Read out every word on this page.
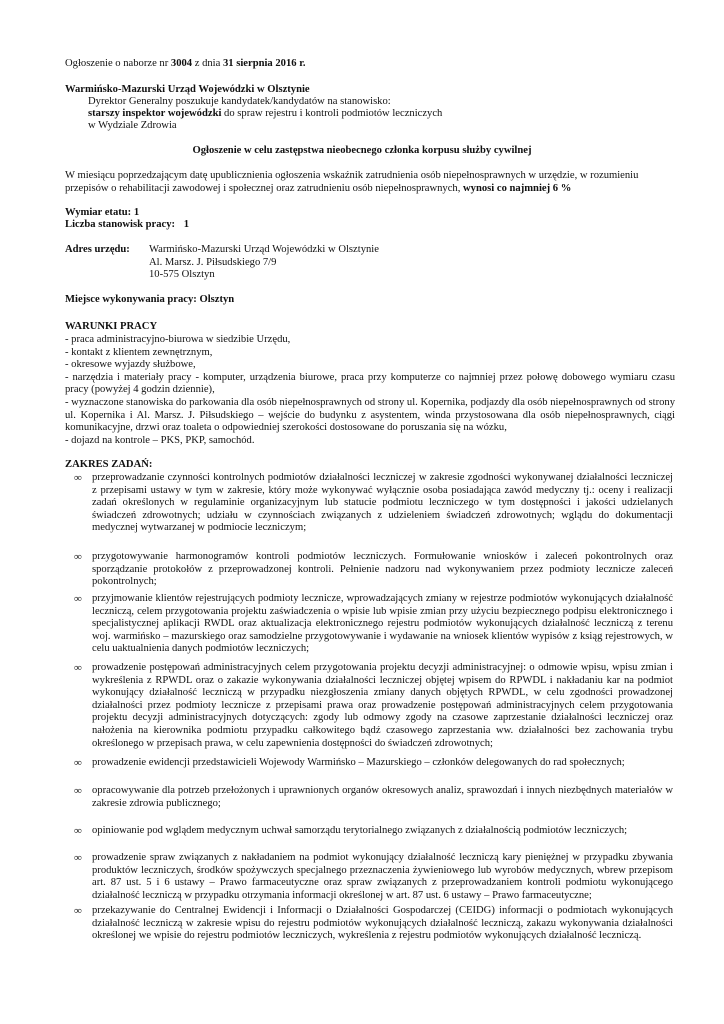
Ogłoszenie o naborze nr 3004 z dnia 31 sierpnia 2016 r.
Warmińsko-Mazurski Urząd Wojewódzki w Olsztynie
Dyrektor Generalny poszukuje kandydatek/kandydatów na stanowisko:
starszy inspektor wojewódzki do spraw rejestru i kontroli podmiotów leczniczych
w Wydziale Zdrowia
Ogłoszenie w celu zastępstwa nieobecnego członka korpusu służby cywilnej
W miesiącu poprzedzającym datę upublicznienia ogłoszenia wskaźnik zatrudnienia osób niepełnosprawnych w urzędzie, w rozumieniu
przepisów o rehabilitacji zawodowej i społecznej oraz zatrudnieniu osób niepełnosprawnych, wynosi co najmniej 6 %
Wymiar etatu: 1
Liczba stanowisk pracy: 1
Adres urzędu: Warmińsko-Mazurski Urząd Wojewódzki w Olsztynie
Al. Marsz. J. Piłsudskiego 7/9
10-575 Olsztyn
Miejsce wykonywania pracy: Olsztyn
WARUNKI PRACY
- praca administracyjno-biurowa w siedzibie Urzędu,
- kontakt z klientem zewnętrznym,
- okresowe wyjazdy służbowe,
- narzędzia i materiały pracy - komputer, urządzenia biurowe, praca przy komputerze co najmniej przez połowę dobowego wymiaru czasu pracy (powyżej 4 godzin dziennie),
- wyznaczone stanowiska do parkowania dla osób niepełnosprawnych od strony ul. Kopernika, podjazdy dla osób niepełnosprawnych od strony ul. Kopernika i Al. Marsz. J. Piłsudskiego – wejście do budynku z asystentem, winda przystosowana dla osób niepełnosprawnych, ciągi komunikacyjne, drzwi oraz toaleta o odpowiedniej szerokości dostosowane do poruszania się na wózku,
- dojazd na kontrole – PKS, PKP, samochód.
ZAKRES ZADAŃ:
∞ przeprowadzanie czynności kontrolnych podmiotów działalności leczniczej w zakresie zgodności wykonywanej działalności leczniczej z przepisami ustawy w tym w zakresie, który może wykonywać wyłącznie osoba posiadająca zawód medyczny tj.: oceny i realizacji zadań określonych w regulaminie organizacyjnym lub statucie podmiotu leczniczego w tym dostępności i jakości udzielanych świadczeń zdrowotnych; udziału w czynnościach związanych z udzieleniem świadczeń zdrowotnych; wglądu do dokumentacji medycznej wytwarzanej w podmiocie leczniczym;
∞ przygotowywanie harmonogramów kontroli podmiotów leczniczych. Formułowanie wniosków i zaleceń pokontrolnych oraz sporządzanie protokołów z przeprowadzonej kontroli. Pełnienie nadzoru nad wykonywaniem przez podmioty lecznicze zaleceń pokontrolnych;
∞ przyjmowanie klientów rejestrujących podmioty lecznicze, wprowadzających zmiany w rejestrze podmiotów wykonujących działalność leczniczą, celem przygotowania projektu zaświadczenia o wpisie lub wpisie zmian przy użyciu bezpiecznego podpisu elektronicznego i specjalistycznej aplikacji RWDL oraz aktualizacja elektronicznego rejestru podmiotów wykonujących działalność leczniczą z terenu woj. warmińsko – mazurskiego oraz samodzielne przygotowywanie i wydawanie na wniosek klientów wypisów z ksiąg rejestrowych, w celu uaktualnienia danych podmiotów leczniczych;
∞ prowadzenie postępowań administracyjnych celem przygotowania projektu decyzji administracyjnej: o odmowie wpisu, wpisu zmian i wykreślenia z RPWDL oraz o zakazie wykonywania działalności leczniczej objętej wpisem do RPWDL i nakładaniu kar na podmiot wykonujący działalność leczniczą w przypadku niezgłoszenia zmiany danych objętych RPWDL, w celu zgodności prowadzonej działalności przez podmioty lecznicze z przepisami prawa oraz prowadzenie postępowań administracyjnych celem przygotowania projektu decyzji administracyjnych dotyczących: zgody lub odmowy zgody na czasowe zaprzestanie działalności leczniczej oraz nałożenia na kierownika podmiotu przypadku całkowitego bądź czasowego zaprzestania ww. działalności bez zachowania trybu określonego w przepisach prawa, w celu zapewnienia dostępności do świadczeń zdrowotnych;
∞ prowadzenie ewidencji przedstawicieli Wojewody Warmińsko – Mazurskiego – członków delegowanych do rad społecznych;
∞ opracowywanie dla potrzeb przełożonych i uprawnionych organów okresowych analiz, sprawozdań i innych niezbędnych materiałów w zakresie zdrowia publicznego;
∞ opiniowanie pod wglądem medycznym uchwał samorządu terytorialnego związanych z działalnością podmiotów leczniczych;
∞ prowadzenie spraw związanych z nakładaniem na podmiot wykonujący działalność leczniczą kary pieniężnej w przypadku zbywania produktów leczniczych, środków spożywczych specjalnego przeznaczenia żywieniowego lub wyrobów medycznych, wbrew przepisom art. 87 ust. 5 i 6 ustawy – Prawo farmaceutyczne oraz spraw związanych z przeprowadzaniem kontroli podmiotu wykonującego działalność leczniczą w przypadku otrzymania informacji określonej w art. 87 ust. 6 ustawy – Prawo farmaceutyczne;
∞ przekazywanie do Centralnej Ewidencji i Informacji o Działalności Gospodarczej (CEIDG) informacji o podmiotach wykonujących działalność leczniczą w zakresie wpisu do rejestru podmiotów wykonujących działalność leczniczą, zakazu wykonywania działalności określonej we wpisie do rejestru podmiotów leczniczych, wykreślenia z rejestru podmiotów wykonujących działalność leczniczą.
